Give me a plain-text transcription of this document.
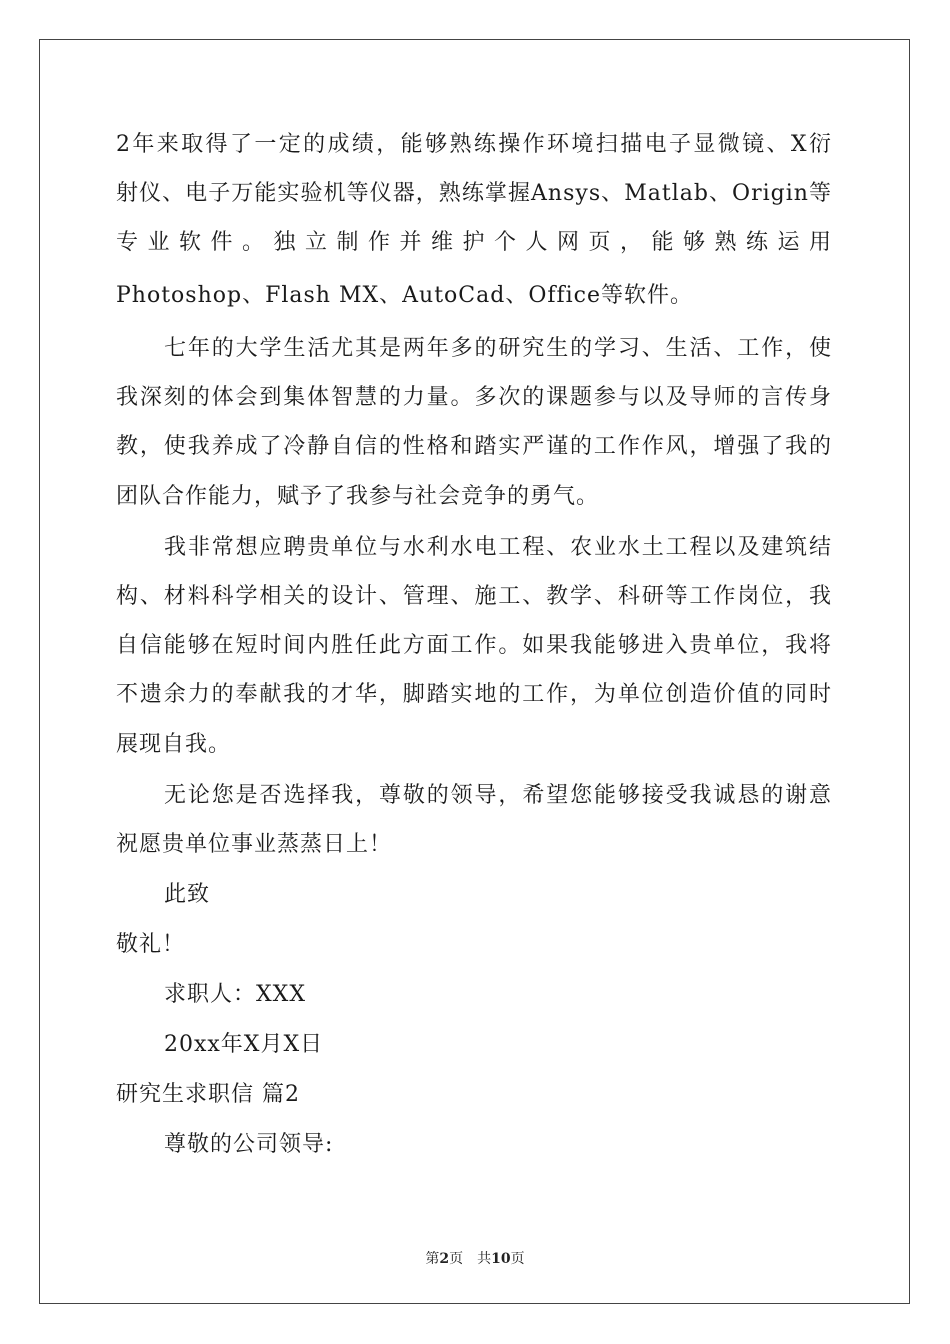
2年来取得了一定的成绩，能够熟练操作环境扫描电子显微镜、X衍
射仪、电子万能实验机等仪器，熟练掌握Ansys、Matlab、Origin等
专业软件。独立制作并维护个人网页，能够熟练运用
Photoshop、Flash MX、AutoCad、Office等软件。
七年的大学生活尤其是两年多的研究生的学习、生活、工作，使
我深刻的体会到集体智慧的力量。多次的课题参与以及导师的言传身
教，使我养成了冷静自信的性格和踏实严谨的工作作风，增强了我的
团队合作能力，赋予了我参与社会竞争的勇气。
我非常想应聘贵单位与水利水电工程、农业水土工程以及建筑结
构、材料科学相关的设计、管理、施工、教学、科研等工作岗位，我
自信能够在短时间内胜任此方面工作。如果我能够进入贵单位，我将
不遗余力的奉献我的才华，脚踏实地的工作，为单位创造价值的同时
展现自我。
无论您是否选择我，尊敬的领导，希望您能够接受我诚恳的谢意
祝愿贵单位事业蒸蒸日上！
此致
敬礼！
求职人：XXX
20xx年X月X日
研究生求职信 篇2
尊敬的公司领导:
第2页　共10页
